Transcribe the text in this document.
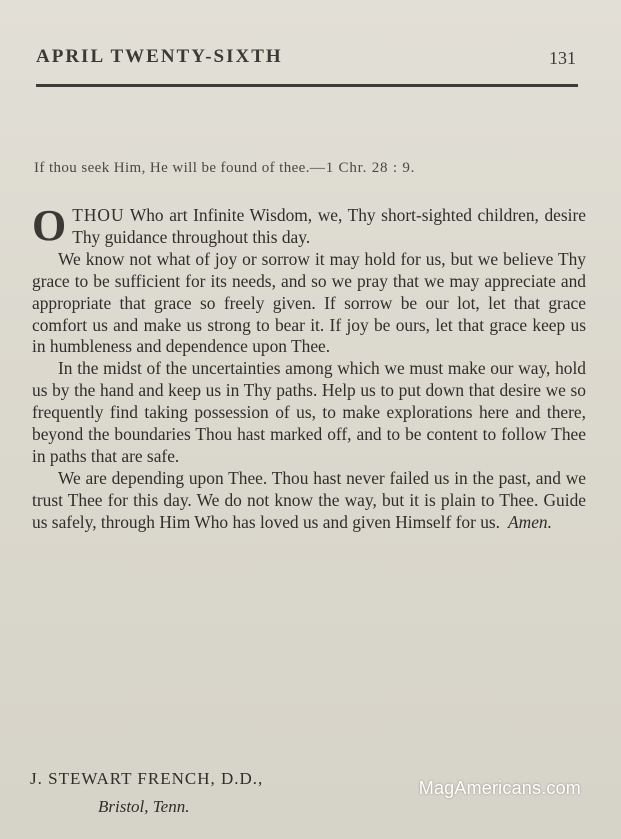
APRIL TWENTY-SIXTH	131
If thou seek Him, He will be found of thee.—1 Chr. 28 : 9.

OTHOU Who art Infinite Wisdom, we, Thy short-sighted children, desire Thy guidance throughout this day.

We know not what of joy or sorrow it may hold for us, but we believe Thy grace to be sufficient for its needs, and so we pray that we may appreciate and appropriate that grace so freely given. If sorrow be our lot, let that grace comfort us and make us strong to bear it. If joy be ours, let that grace keep us in humbleness and dependence upon Thee.

In the midst of the uncertainties among which we must make our way, hold us by the hand and keep us in Thy paths. Help us to put down that desire we so frequently find taking possession of us, to make explorations here and there, beyond the boundaries Thou hast marked off, and to be content to follow Thee in paths that are safe.

We are depending upon Thee. Thou hast never failed us in the past, and we trust Thee for this day. We do not know the way, but it is plain to Thee. Guide us safely, through Him Who has loved us and given Himself for us. Amen.

J. STEWART FRENCH, D.D.,
Bristol, Tenn.
MagAmericans.com
